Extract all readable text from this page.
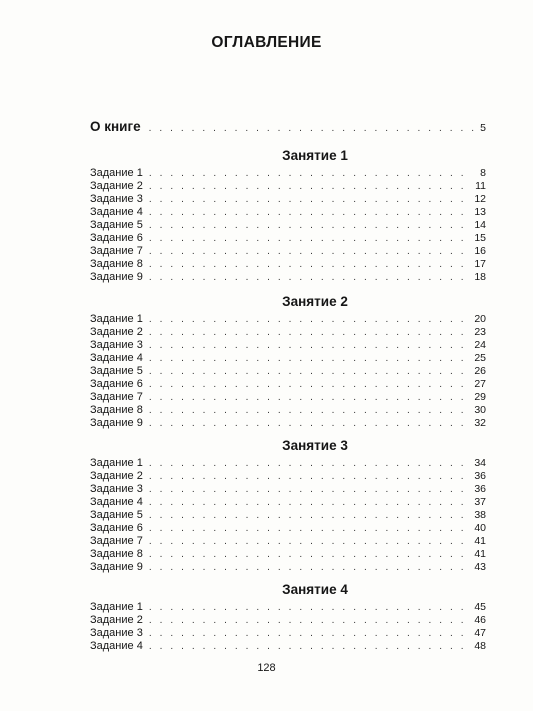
ОГЛАВЛЕНИЕ
О книге . . .	5
Занятие 1
Задание 1 . . .	8
Задание 2 . . .	11
Задание 3 . . .	12
Задание 4 . . .	13
Задание 5 . . .	14
Задание 6 . . .	15
Задание 7 . . .	16
Задание 8 . . .	17
Задание 9 . . .	18
Занятие 2
Задание 1 . . .	20
Задание 2 . . .	23
Задание 3 . . .	24
Задание 4 . . .	25
Задание 5 . . .	26
Задание 6 . . .	27
Задание 7 . . .	29
Задание 8 . . .	30
Задание 9 . . .	32
Занятие 3
Задание 1 . . .	34
Задание 2 . . .	36
Задание 3 . . .	36
Задание 4 . . .	37
Задание 5 . . .	38
Задание 6 . . .	40
Задание 7 . . .	41
Задание 8 . . .	41
Задание 9 . . .	43
Занятие 4
Задание 1 . . .	45
Задание 2 . . .	46
Задание 3 . . .	47
Задание 4 . . .	48
128
